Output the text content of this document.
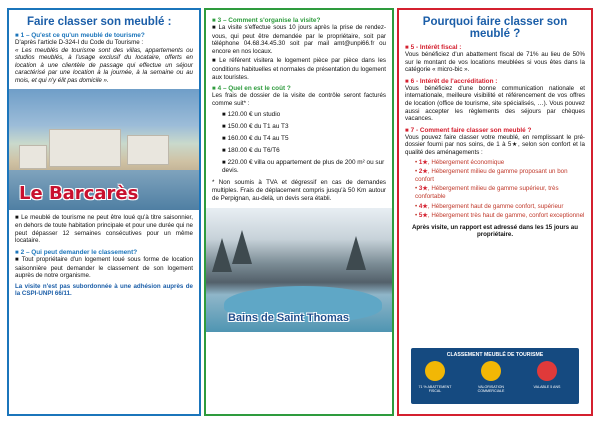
Faire classer son meublé :
■ 1 – Qu'est ce qu'un meublé de tourisme?
D'après l'article D-324-I du Code du Tourisme :
« Les meublés de tourisme sont des villas, appartements ou studios meublés, à l'usage exclusif du locataire, offerts en location à une clientèle de passage qui effectue un séjour caractérisé par une location à la journée, à la semaine ou au mois, et qui n'y élit pas domicile ».
Le Barcarès
■ Le meublé de tourisme ne peut être loué qu'à titre saisonnier, en dehors de toute habitation principale et pour une durée qui ne peut dépasser 12 semaines consécutives pour un même locataire.
■ 2 – Qui peut demander le classement?
■ Tout propriétaire d'un logement loué sous forme de location saisonnière peut demander le classement de son logement auprès de notre organisme.
La visite n'est pas subordonnée à une adhésion auprès de la CSPI-UNPI 66/11.
■ 3 – Comment s'organise la visite?
■ La visite s'effectue sous 10 jours après la prise de rendez-vous, qui peut être demandée par le propriétaire, soit par téléphone 04.68.34.45.30 soit par mail amt@unpi66.fr ou encore en nos locaux.
■ Le référent visitera le logement pièce par pièce dans les conditions habituelles et normales de présentation du logement aux touristes.
■ 4 – Quel en est le coût ?
Les frais de dossier de la visite de contrôle seront facturés comme suit* :
■ 120.00 € un studio
■ 150.00 € du T1 au T3
■ 160.00 € du T4 au T5
■ 180.00 € du T6/T6
■ 220.00 € villa ou appartement de plus de 200 m² ou sur devis.
* Non soumis à TVA et dégressif en cas de demandes multiples. Frais de déplacement compris jusqu'à 50 Km autour de Perpignan, au-delà, un devis sera établi.
Bains de Saint Thomas
Pourquoi faire classer son
meublé ?
■ 5 - Intérêt fiscal :
Vous bénéficiez d'un abattement fiscal de 71% au lieu de 50% sur le montant de vos locations meublées si vous êtes dans la catégorie « micro-bic ».
■ 6 - Intérêt de l'accréditation :
Vous bénéficiez d'une bonne communication nationale et internationale, meilleure visibilité et référencement de vos offres de location (office de tourisme, site spécialisés, …). Vous pouvez aussi accepter les règlements des séjours par chèques vacances.
■ 7 - Comment faire classer son meublé ?
Vous pouvez faire classer votre meublé, en remplissant le pré-dossier fourni par nos soins, de 1 à 5★, selon son confort et la qualité des aménagements :
• 1★, Hébergement économique
• 2★, Hébergement milieu de gamme proposant un bon confort
• 3★, Hébergement milieu de gamme supérieur, très confortable
• 4★, Hébergement haut de gamme confort, supérieur
• 5★, Hébergement très haut de gamme, confort exceptionnel
Après visite, un rapport est adressé dans les 15 jours au propriétaire.
CLASSEMENT MEUBLÉ DE TOURISME
71 % ABATTEMENT FISCAL
VALORISATION COMMERCIALE
VALABLE 5 ANS
